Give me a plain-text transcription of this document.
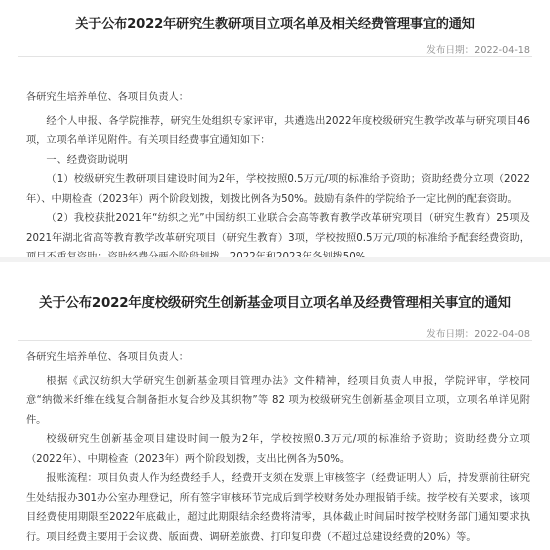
关于公布2022年研究生教研项目立项名单及相关经费管理事宜的通知
发布日期：2022-04-18

各研究生培养单位、各项目负责人：

经个人申报、各学院推荐，研究生处组织专家评审，共遴选出2022年度校级研究生教学改革与研究项目46项，立项名单详见附件。有关项目经费事宜通知如下：

一、经费资助说明

（1）校级研究生教研项目建设时间为2年，学校按照0.5万元/项的标准给予资助；资助经费分立项（2022年）、中期检查（2023年）两个阶段划拨，划拨比例各为50%。鼓励有条件的学院给予一定比例的配套资助。

（2）我校获批2021年“纺织之光”中国纺织工业联合会高等教育教学改革研究项目（研究生教育）25项及2021年湖北省高等教育教学改革研究项目（研究生教育）3项，学校按照0.5万元/项的标准给予配套经费资助，

关于公布2022年度校级研究生创新基金项目立项名单及经费管理相关事宜的通知
发布日期：2022-04-08

各研究生培养单位、各项目负责人：

根据《武汉纺织大学研究生创新基金项目管理办法》文件精神，经项目负责人申报，学院评审，学校同意“纳微米纤维在线复合制备拒水复合纱及其织物”等 82 项为校级研究生创新基金项目立项，立项名单详见附件。

校级研究生创新基金项目建设时间一般为2年，学校按照0.3万元/项的标准给予资助；资助经费分立项（2022年）、中期检查（2023年）两个阶段划拨，支出比例各为50%。

报账流程：项目负责人作为经费经手人，经费开支须在发票上审核签字（经费证明人）后，持发票前往研究生处结报办301办公室办理登记，所有签字审核环节完成后到学校财务处办理报销手续。按学校有关要求，该项目经费使用期限至2022年底截止，超过此期限结余经费将清零，具体截止时间届时按学校财务部门通知要求执行。项目经费主要用于会议费、版面费、调研差旅费、打印复印费（不超过总建设经费的20%）等。
